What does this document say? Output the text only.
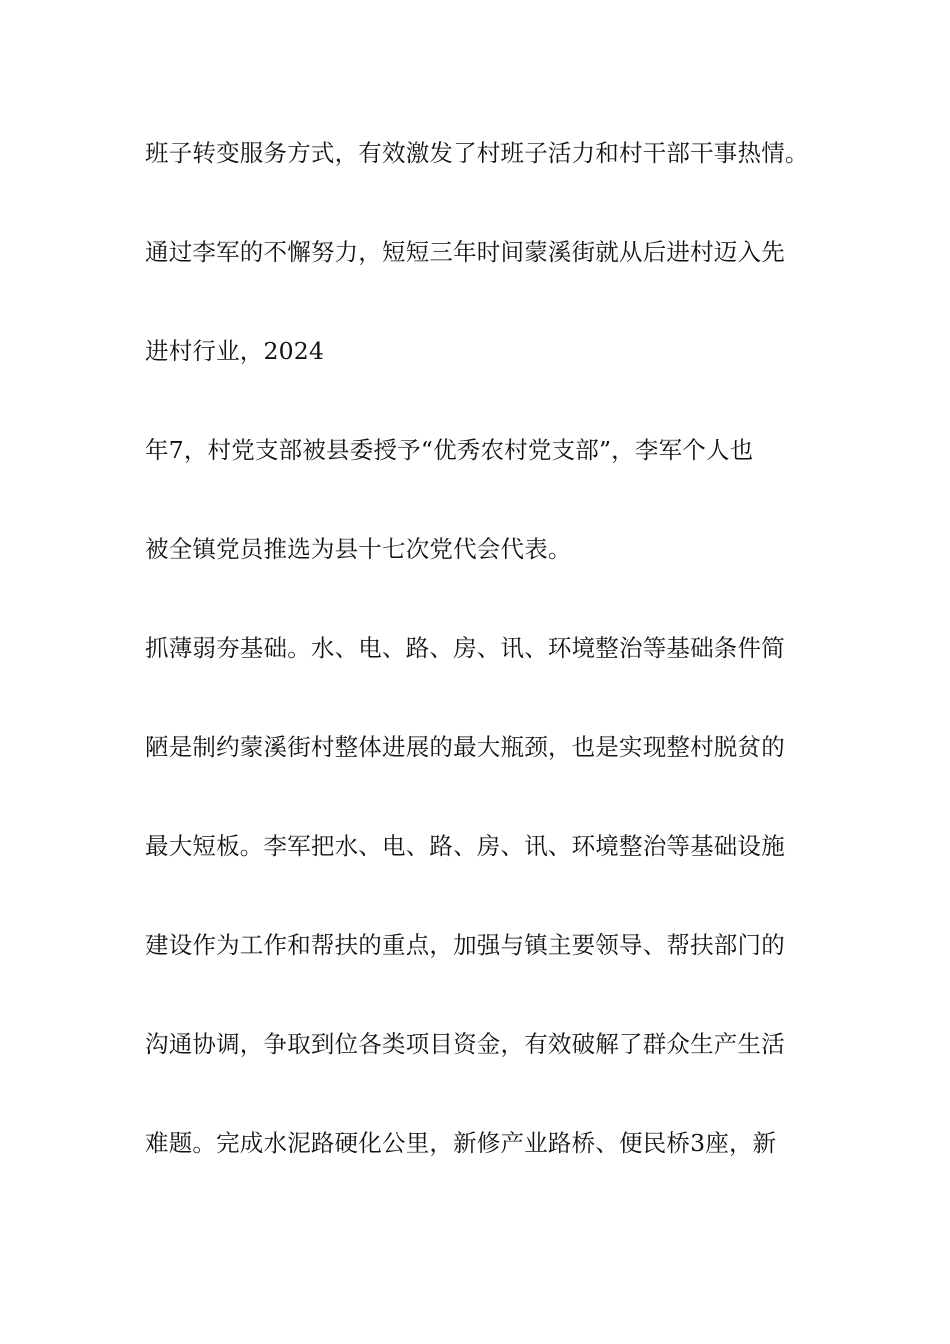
班子转变服务方式，有效激发了村班子活力和村干部干事热情。
通过李军的不懈努力，短短三年时间蒙溪街就从后进村迈入先
进村行业，2024
年7，村党支部被县委授予“优秀农村党支部”，李军个人也
被全镇党员推选为县十七次党代会代表。
抓薄弱夯基础。水、电、路、房、讯、环境整治等基础条件简
陋是制约蒙溪街村整体进展的最大瓶颈，也是实现整村脱贫的
最大短板。李军把水、电、路、房、讯、环境整治等基础设施
建设作为工作和帮扶的重点，加强与镇主要领导、帮扶部门的
沟通协调，争取到位各类项目资金，有效破解了群众生产生活
难题。完成水泥路硬化公里，新修产业路桥、便民桥3座，新
